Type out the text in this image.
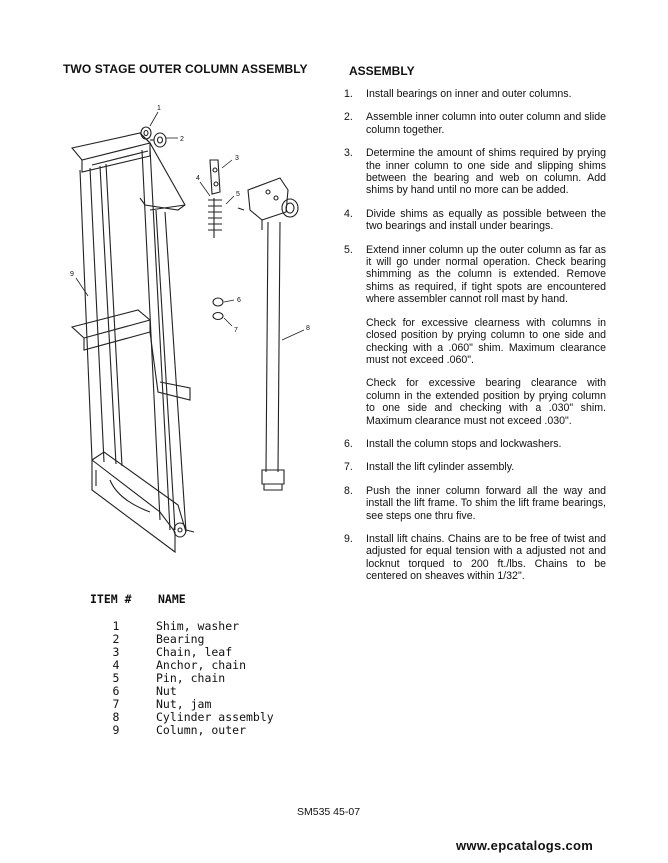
TWO STAGE OUTER COLUMN ASSEMBLY	ASSEMBLY
1
2
3
4
5
6
7	8
9
1. Install bearings on inner and outer columns.
2. Assemble inner column into outer column and slide column together.
3. Determine the amount of shims required by prying the inner column to one side and slipping shims between the bearing and web on column. Add shims by hand until no more can be added.
4. Divide shims as equally as possible between the two bearings and install under bearings.
5. Extend inner column up the outer column as far as it will go under normal operation. Check bearing shimming as the column is extended. Remove shims as required, if tight spots are encountered where assembler cannot roll mast by hand.
Check for excessive clearness with columns in closed position by prying column to one side and checking with a .060" shim. Maximum clearance must not exceed .060".
Check for excessive bearing clearance with column in the extended position by prying column to one side and checking with a .030" shim. Maximum clearance must not exceed .030".
6. Install the column stops and lockwashers.
7. Install the lift cylinder assembly.
8. Push the inner column forward all the way and install the lift frame. To shim the lift frame bearings, see steps one thru five.
9. Install lift chains. Chains are to be free of twist and adjusted for equal tension with a adjusted not and locknut torqued to 200 ft./lbs. Chains to be centered on sheaves within 1/32".
ITEM #	NAME
1	Shim, washer
2	Bearing
3	Chain, leaf
4	Anchor, chain
5	Pin, chain
6	Nut
7	Nut, jam
8	Cylinder assembly
9	Column, outer
SM535 45-07
www.epcatalogs.com
